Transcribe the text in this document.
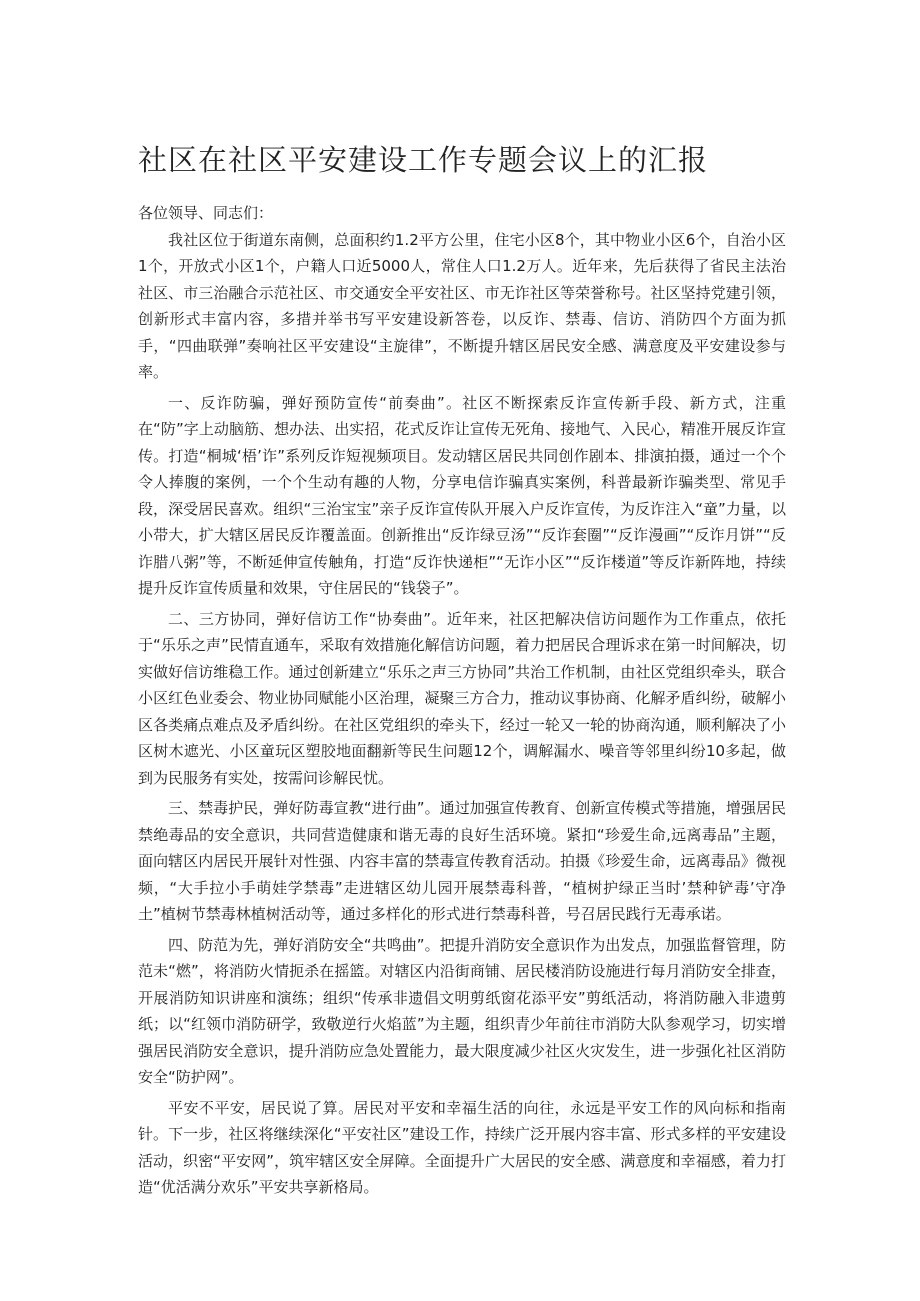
社区在社区平安建设工作专题会议上的汇报

各位领导、同志们：

我社区位于街道东南侧，总面积约1.2平方公里，住宅小区8个，其中物业小区6个，自治小区1个，开放式小区1个，户籍人口近5000人，常住人口1.2万人。近年来，先后获得了省民主法治社区、市三治融合示范社区、市交通安全平安社区、市无诈社区等荣誉称号。社区坚持党建引领，创新形式丰富内容，多措并举书写平安建设新答卷，以反诈、禁毒、信访、消防四个方面为抓手，“四曲联弹”奏响社区平安建设“主旋律”，不断提升辖区居民安全感、满意度及平安建设参与率。

一、反诈防骗，弹好预防宣传“前奏曲”。社区不断探索反诈宣传新手段、新方式，注重在“防”字上动脑筋、想办法、出实招，花式反诈让宣传无死角、接地气、入民心，精准开展反诈宣传。打造“桐城‘梧’诈”系列反诈短视频项目。发动辖区居民共同创作剧本、排演拍摄，通过一个个令人捧腹的案例，一个个生动有趣的人物，分享电信诈骗真实案例，科普最新诈骗类型、常见手段，深受居民喜欢。组织“三治宝宝”亲子反诈宣传队开展入户反诈宣传，为反诈注入“童”力量，以小带大，扩大辖区居民反诈覆盖面。创新推出“反诈绿豆汤”“反诈套圈”“反诈漫画”“反诈月饼”“反诈腊八粥”等，不断延伸宣传触角，打造“反诈快递柜”“无诈小区”“反诈楼道”等反诈新阵地，持续提升反诈宣传质量和效果，守住居民的“钱袋子”。

二、三方协同，弹好信访工作“协奏曲”。近年来，社区把解决信访问题作为工作重点，依托于“乐乐之声”民情直通车，采取有效措施化解信访问题，着力把居民合理诉求在第一时间解决，切实做好信访维稳工作。通过创新建立“乐乐之声三方协同”共治工作机制，由社区党组织牵头，联合小区红色业委会、物业协同赋能小区治理，凝聚三方合力，推动议事协商、化解矛盾纠纷，破解小区各类痛点难点及矛盾纠纷。在社区党组织的牵头下，经过一轮又一轮的协商沟通，顺利解决了小区树木遮光、小区童玩区塑胶地面翻新等民生问题12个，调解漏水、噪音等邻里纠纷10多起，做到为民服务有实处，按需问诊解民忧。

三、禁毒护民，弹好防毒宣教“进行曲”。通过加强宣传教育、创新宣传模式等措施，增强居民禁绝毒品的安全意识，共同营造健康和谐无毒的良好生活环境。紧扣“珍爱生命,远离毒品”主题，面向辖区内居民开展针对性强、内容丰富的禁毒宣传教育活动。拍摄《珍爱生命，远离毒品》微视频，“大手拉小手萌娃学禁毒”走进辖区幼儿园开展禁毒科普，“植树护绿正当时’禁种铲毒’守净土”植树节禁毒林植树活动等，通过多样化的形式进行禁毒科普，号召居民践行无毒承诺。

四、防范为先，弹好消防安全“共鸣曲”。把提升消防安全意识作为出发点，加强监督管理，防范未“燃”，将消防火情扼杀在摇篮。对辖区内沿街商铺、居民楼消防设施进行每月消防安全排查，开展消防知识讲座和演练；组织“传承非遗倡文明剪纸窗花添平安”剪纸活动，将消防融入非遗剪纸；以“红领巾消防研学，致敬逆行火焰蓝”为主题，组织青少年前往市消防大队参观学习，切实增强居民消防安全意识，提升消防应急处置能力，最大限度减少社区火灾发生，进一步强化社区消防安全“防护网”。

平安不平安，居民说了算。居民对平安和幸福生活的向往，永远是平安工作的风向标和指南针。下一步，社区将继续深化“平安社区”建设工作，持续广泛开展内容丰富、形式多样的平安建设活动，织密“平安网”，筑牢辖区安全屏障。全面提升广大居民的安全感、满意度和幸福感，着力打造“优活满分欢乐”平安共享新格局。
